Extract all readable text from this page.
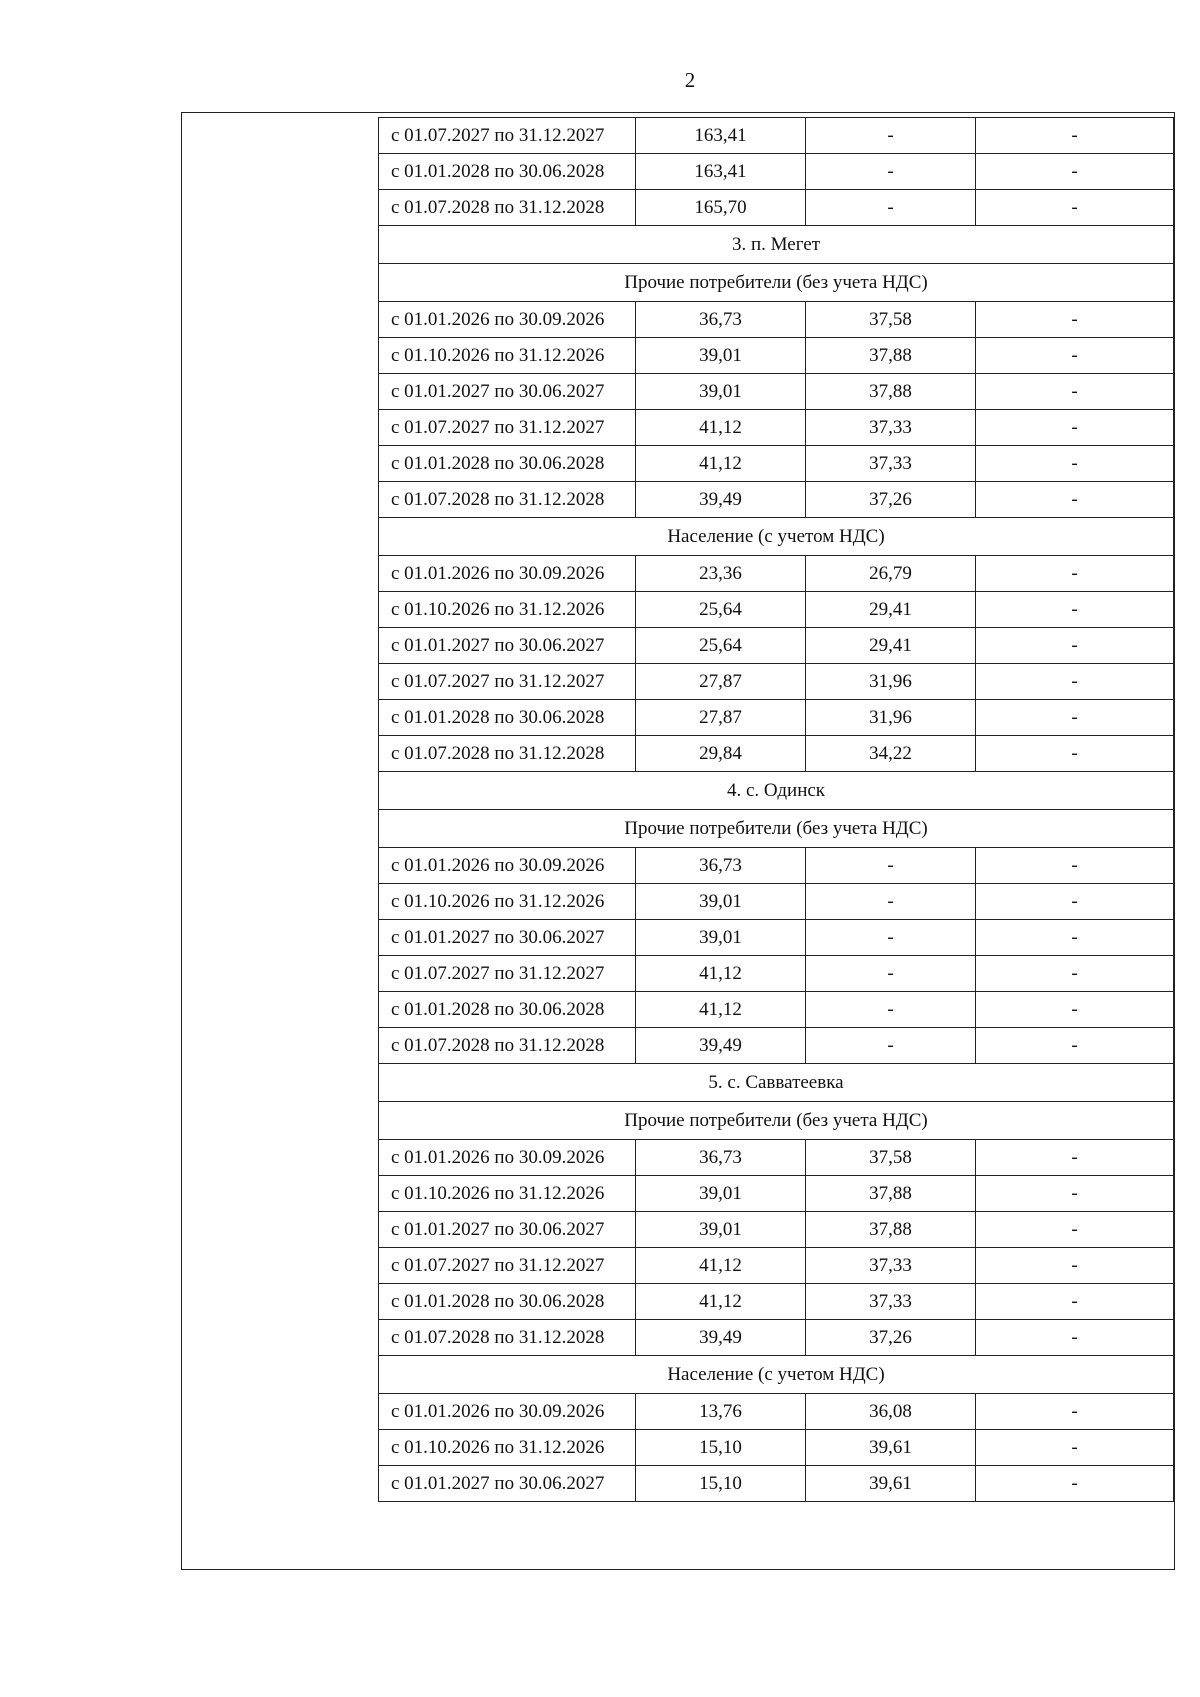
2
с 01.07.2027 по 31.12.2027	163,41	-	-
с 01.01.2028 по 30.06.2028	163,41	-	-
с 01.07.2028 по 31.12.2028	165,70	-	-
3. п. Мегет			
Прочие потребители (без учета НДС)			
с 01.01.2026 по 30.09.2026	36,73	37,58	-
с 01.10.2026 по 31.12.2026	39,01	37,88	-
с 01.01.2027 по 30.06.2027	39,01	37,88	-
с 01.07.2027 по 31.12.2027	41,12	37,33	-
с 01.01.2028 по 30.06.2028	41,12	37,33	-
с 01.07.2028 по 31.12.2028	39,49	37,26	-
Население (с учетом НДС)			
с 01.01.2026 по 30.09.2026	23,36	26,79	-
с 01.10.2026 по 31.12.2026	25,64	29,41	-
с 01.01.2027 по 30.06.2027	25,64	29,41	-
с 01.07.2027 по 31.12.2027	27,87	31,96	-
с 01.01.2028 по 30.06.2028	27,87	31,96	-
с 01.07.2028 по 31.12.2028	29,84	34,22	-
4. с. Одинск			
Прочие потребители (без учета НДС)			
с 01.01.2026 по 30.09.2026	36,73	-	-
с 01.10.2026 по 31.12.2026	39,01	-	-
с 01.01.2027 по 30.06.2027	39,01	-	-
с 01.07.2027 по 31.12.2027	41,12	-	-
с 01.01.2028 по 30.06.2028	41,12	-	-
с 01.07.2028 по 31.12.2028	39,49	-	-
5. с. Савватеевка			
Прочие потребители (без учета НДС)			
с 01.01.2026 по 30.09.2026	36,73	37,58	-
с 01.10.2026 по 31.12.2026	39,01	37,88	-
с 01.01.2027 по 30.06.2027	39,01	37,88	-
с 01.07.2027 по 31.12.2027	41,12	37,33	-
с 01.01.2028 по 30.06.2028	41,12	37,33	-
с 01.07.2028 по 31.12.2028	39,49	37,26	-
Население (с учетом НДС)			
с 01.01.2026 по 30.09.2026	13,76	36,08	-
с 01.10.2026 по 31.12.2026	15,10	39,61	-
с 01.01.2027 по 30.06.2027	15,10	39,61	-
